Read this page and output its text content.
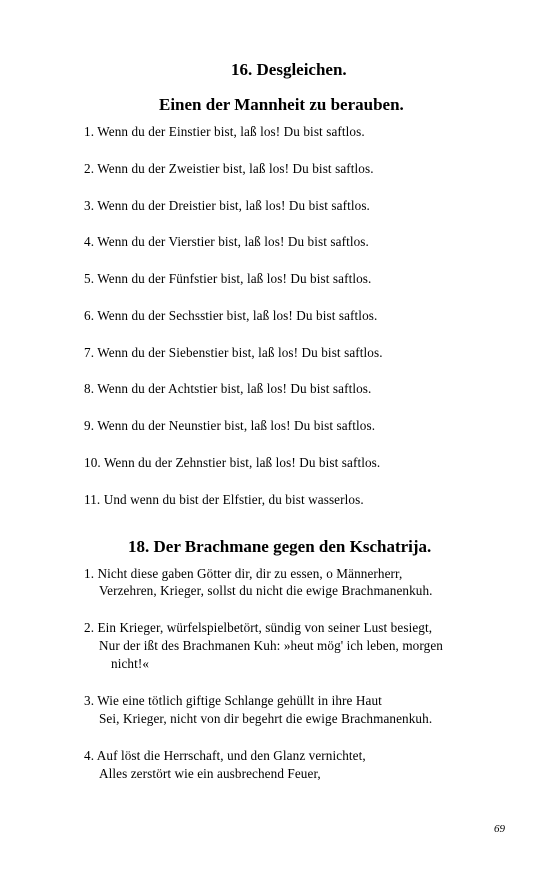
16. Desgleichen.
Einen der Mannheit zu berauben.
1. Wenn du der Einstier bist, laß los! Du bist saftlos.
2. Wenn du der Zweistier bist, laß los! Du bist saftlos.
3. Wenn du der Dreistier bist, laß los! Du bist saftlos.
4. Wenn du der Vierstier bist, laß los! Du bist saftlos.
5. Wenn du der Fünfstier bist, laß los! Du bist saftlos.
6. Wenn du der Sechsstier bist, laß los! Du bist saftlos.
7. Wenn du der Siebenstier bist, laß los! Du bist saftlos.
8. Wenn du der Achtstier bist, laß los! Du bist saftlos.
9. Wenn du der Neunstier bist, laß los! Du bist saftlos.
10. Wenn du der Zehnstier bist, laß los! Du bist saftlos.
11. Und wenn du bist der Elfstier, du bist wasserlos.
18. Der Brachmane gegen den Kschatrija.
1. Nicht diese gaben Götter dir, dir zu essen, o Männerherr,
Verzehren, Krieger, sollst du nicht die ewige Brachmanenkuh.
2. Ein Krieger, würfelspielbetört, sündig von seiner Lust besiegt,
Nur der ißt des Brachmanen Kuh: »heut mög' ich leben, morgen
nicht!«
3. Wie eine tötlich giftige Schlange gehüllt in ihre Haut
Sei, Krieger, nicht von dir begehrt die ewige Brachmanenkuh.
4. Auf löst die Herrschaft, und den Glanz vernichtet,
Alles zerstört wie ein ausbrechend Feuer,
69
